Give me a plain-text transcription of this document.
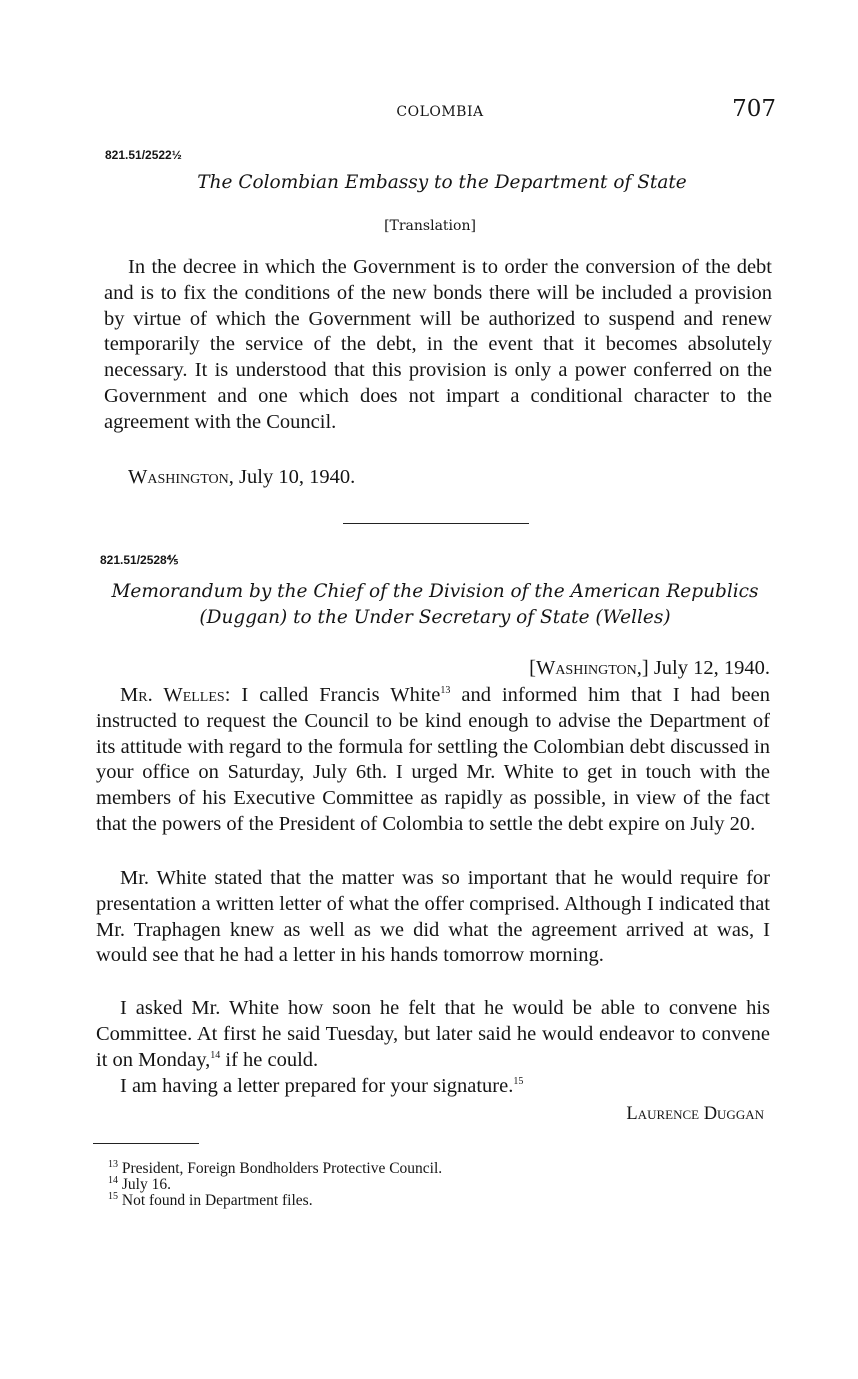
COLOMBIA	707
821.51/2522½
The Colombian Embassy to the Department of State
[Translation]

In the decree in which the Government is to order the conversion of the debt and is to fix the conditions of the new bonds there will be included a provision by virtue of which the Government will be authorized to suspend and renew temporarily the service of the debt, in the event that it becomes absolutely necessary. It is understood that this provision is only a power conferred on the Government and one which does not impart a conditional character to the agreement with the Council.

Washington, July 10, 1940.

821.51/2528⅘
Memorandum by the Chief of the Division of the American Republics
(Duggan) to the Under Secretary of State (Welles)

[Washington,] July 12, 1940.

Mr. Welles: I called Francis White$^{13}$ and informed him that I had been instructed to request the Council to be kind enough to advise the Department of its attitude with regard to the formula for settling the Colombian debt discussed in your office on Saturday, July 6th. I urged Mr. White to get in touch with the members of his Executive Committee as rapidly as possible, in view of the fact that the powers of the President of Colombia to settle the debt expire on July 20.

Mr. White stated that the matter was so important that he would require for presentation a written letter of what the offer comprised. Although I indicated that Mr. Traphagen knew as well as we did what the agreement arrived at was, I would see that he had a letter in his hands tomorrow morning.

I asked Mr. White how soon he felt that he would be able to convene his Committee. At first he said Tuesday, but later said he would endeavor to convene it on Monday,$^{14}$ if he could.

I am having a letter prepared for your signature.$^{15}$

Laurence Duggan
$^{13}$ President, Foreign Bondholders Protective Council.
$^{14}$ July 16.
$^{15}$ Not found in Department files.
